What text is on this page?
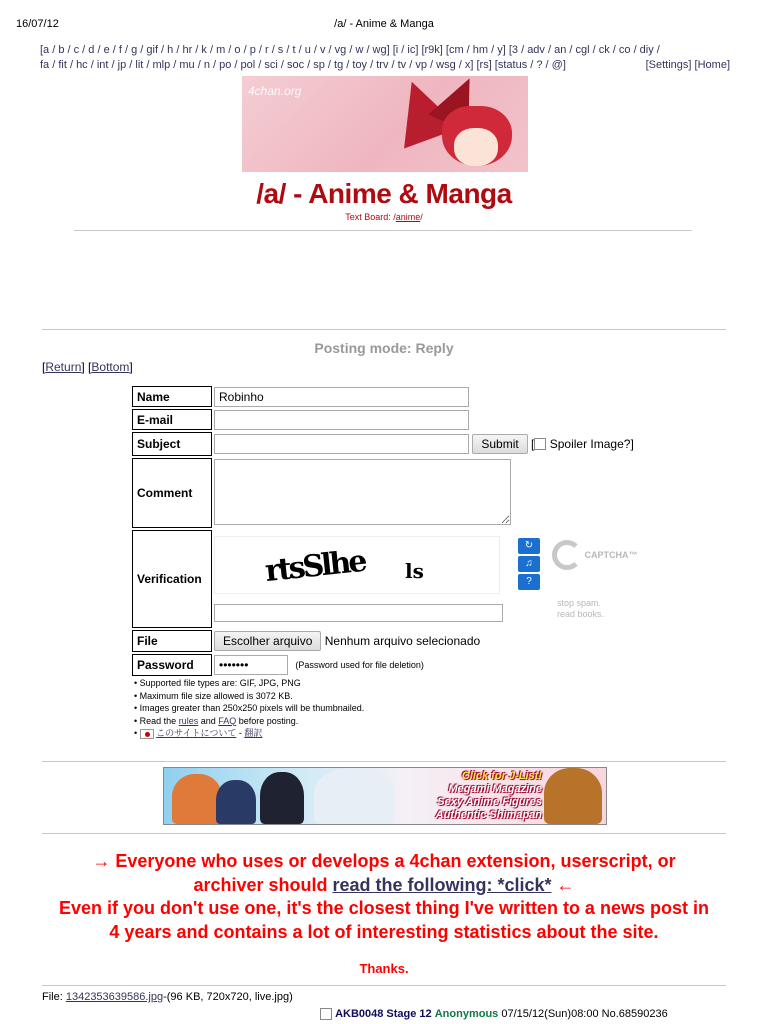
16/07/12	/a/ - Anime & Manga
[a / b / c / d / e / f / g / gif / h / hr / k / m / o / p / r / s / t / u / v / vg / w / wg] [i / ic] [r9k] [cm / hm / y] [3 / adv / an / cgl / ck / co / diy /
fa / fit / hc / int / jp / lit / mlp / mu / n / po / pol / sci / soc / sp / tg / toy / trv / tv / vp / wsg / x] [rs] [status / ? / @]	[Settings] [Home]
4chan.org
/a/ - Anime & Manga
Text Board: /anime/
Posting mode: Reply
[Return] [Bottom]
Name	Robinho
E-mail	
Subject	Submit [ Spoiler Image?]
Comment	
Verification	rtsSlhe ls

File	Escolher arquivo Nenhum arquivo selecionado
Password	••••••• (Password used for file deletion)
↻
♫
?
CAPTCHA™
stop spam.
read books.
• Supported file types are: GIF, JPG, PNG
• Maximum file size allowed is 3072 KB.
• Images greater than 250x250 pixels will be thumbnailed.
• Read the rules and FAQ before posting.
• このサイトについて - 翻訳
Click for J-List!
Megami Magazine
Sexy Anime Figures
Authentic Shimapan
→ Everyone who uses or develops a 4chan extension, userscript, or
archiver should read the following: *click* ←
Even if you don't use one, it's the closest thing I've written to a news post in
4 years and contains a lot of interesting statistics about the site.
Thanks.
File: 1342353639586.jpg-(96 KB, 720x720, live.jpg)
AKB0048 Stage 12 Anonymous 07/15/12(Sun)08:00 No.68590236
